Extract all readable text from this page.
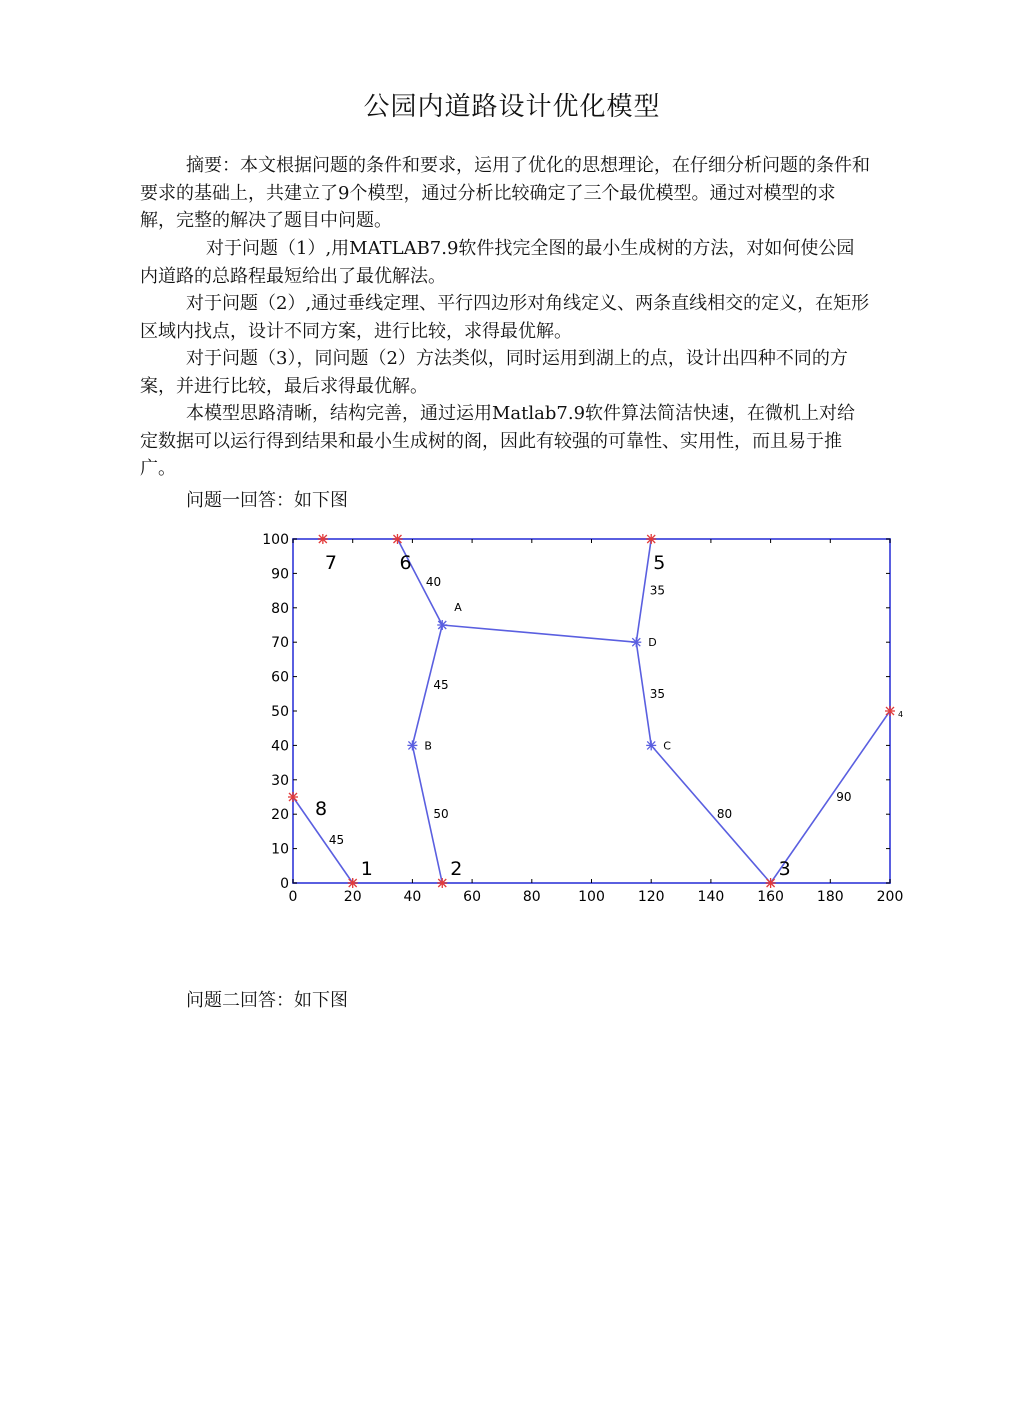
公园内道路设计优化模型

摘要：本文根据问题的条件和要求，运用了优化的思想理论，在仔细分析问题的条件和要求的基础上，共建立了9个模型，通过分析比较确定了三个最优模型。通过对模型的求解，完整的解决了题目中问题。

对于问题（1）,用MATLAB7.9软件找完全图的最小生成树的方法，对如何使公园内道路的总路程最短给出了最优解法。

对于问题（2）,通过垂线定理、平行四边形对角线定义、两条直线相交的定义，在矩形区域内找点，设计不同方案，进行比较，求得最优解。

对于问题（3），同问题（2）方法类似，同时运用到湖上的点，设计出四种不同的方案，并进行比较，最后求得最优解。

本模型思路清晰，结构完善，通过运用Matlab7.9软件算法简洁快速，在微机上对给定数据可以运行得到结果和最小生成树的阁，因此有较强的可靠性、实用性，而且易于推广。

问题一回答：如下图
0	20	40	60	80	100 120 140 160 180 200
0
10
20
30
40
50
60
70
80
90
100
40
35
35
45
50	80
90
45
1	2	3
4
5
6
7
8
A
B	C
D
问题二回答：如下图
